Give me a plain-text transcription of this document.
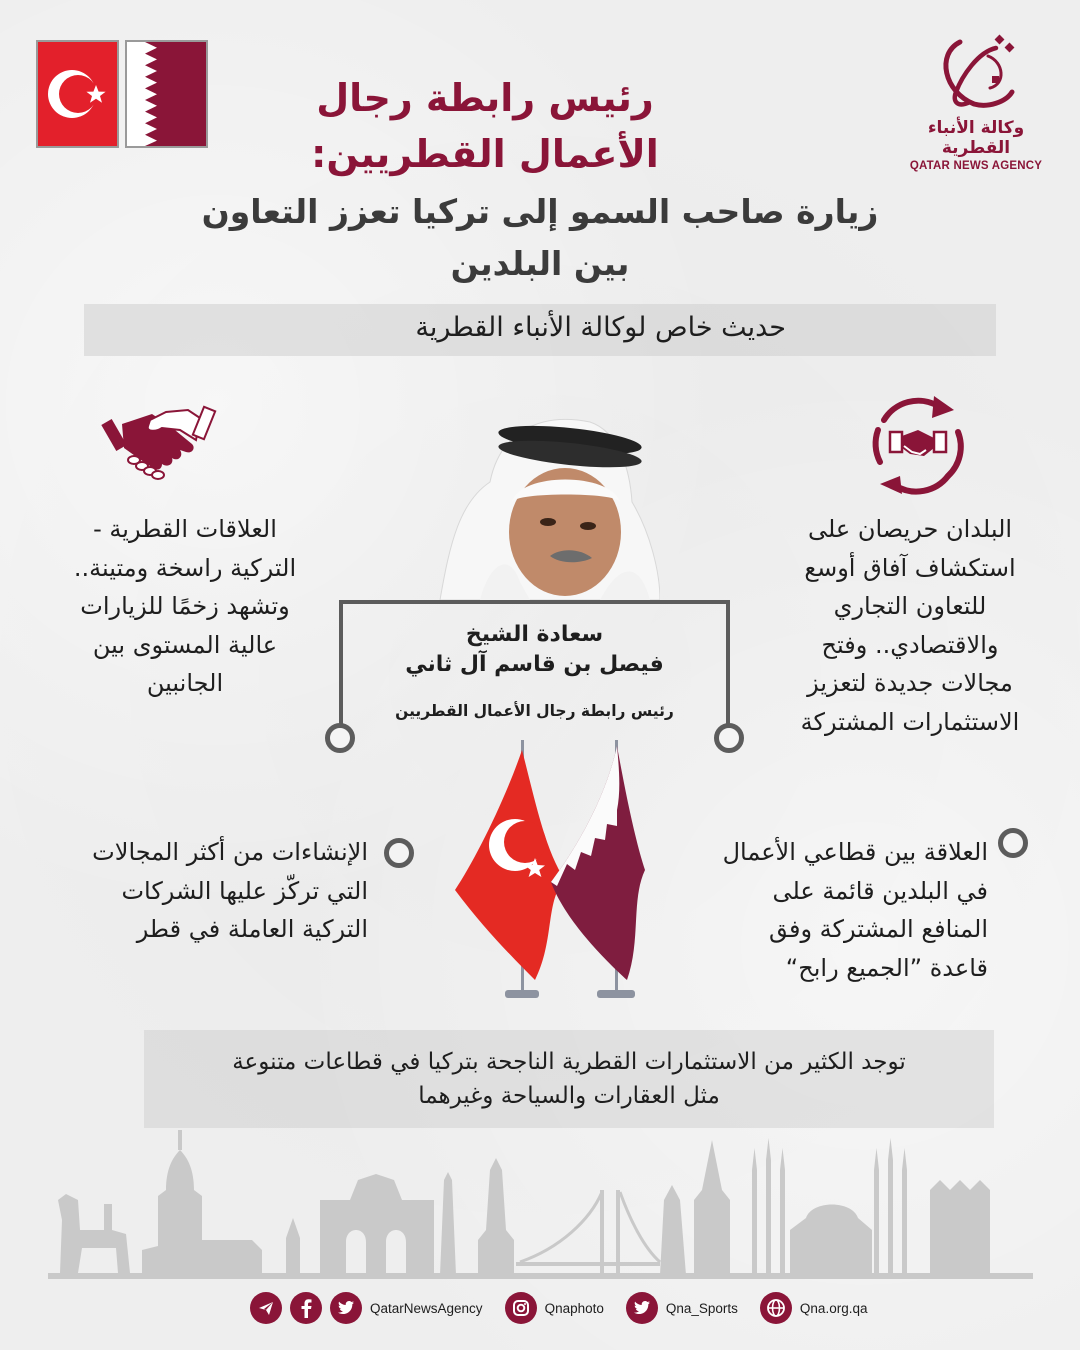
وكالة الأنباء القطرية
QATAR NEWS AGENCY
رئيس رابطة رجال
الأعمال القطريين:
زيارة صاحب السمو إلى تركيا تعزز التعاون
بين البلدين
حديث خاص لوكالة الأنباء القطرية
العلاقات القطرية -
التركية راسخة ومتينة..
وتشهد زخمًا للزيارات
عالية المستوى بين
الجانبين
البلدان حريصان على
استكشاف آفاق أوسع
للتعاون التجاري
والاقتصادي.. وفتح
مجالات جديدة لتعزيز
الاستثمارات المشتركة
سعادة الشيخ
فيصل بن قاسم آل ثاني
رئيس رابطة رجال الأعمال القطريين
الإنشاءات من أكثر المجالات
التي تركّز عليها الشركات
التركية العاملة في قطر
العلاقة بين قطاعي الأعمال
في البلدين قائمة على
المنافع المشتركة وفق
قاعدة ”الجميع رابح“
توجد الكثير من الاستثمارات القطرية الناجحة بتركيا في قطاعات متنوعة
مثل العقارات والسياحة وغيرهما
QatarNewsAgency	Qnaphoto	Qna_Sports	Qna.org.qa
